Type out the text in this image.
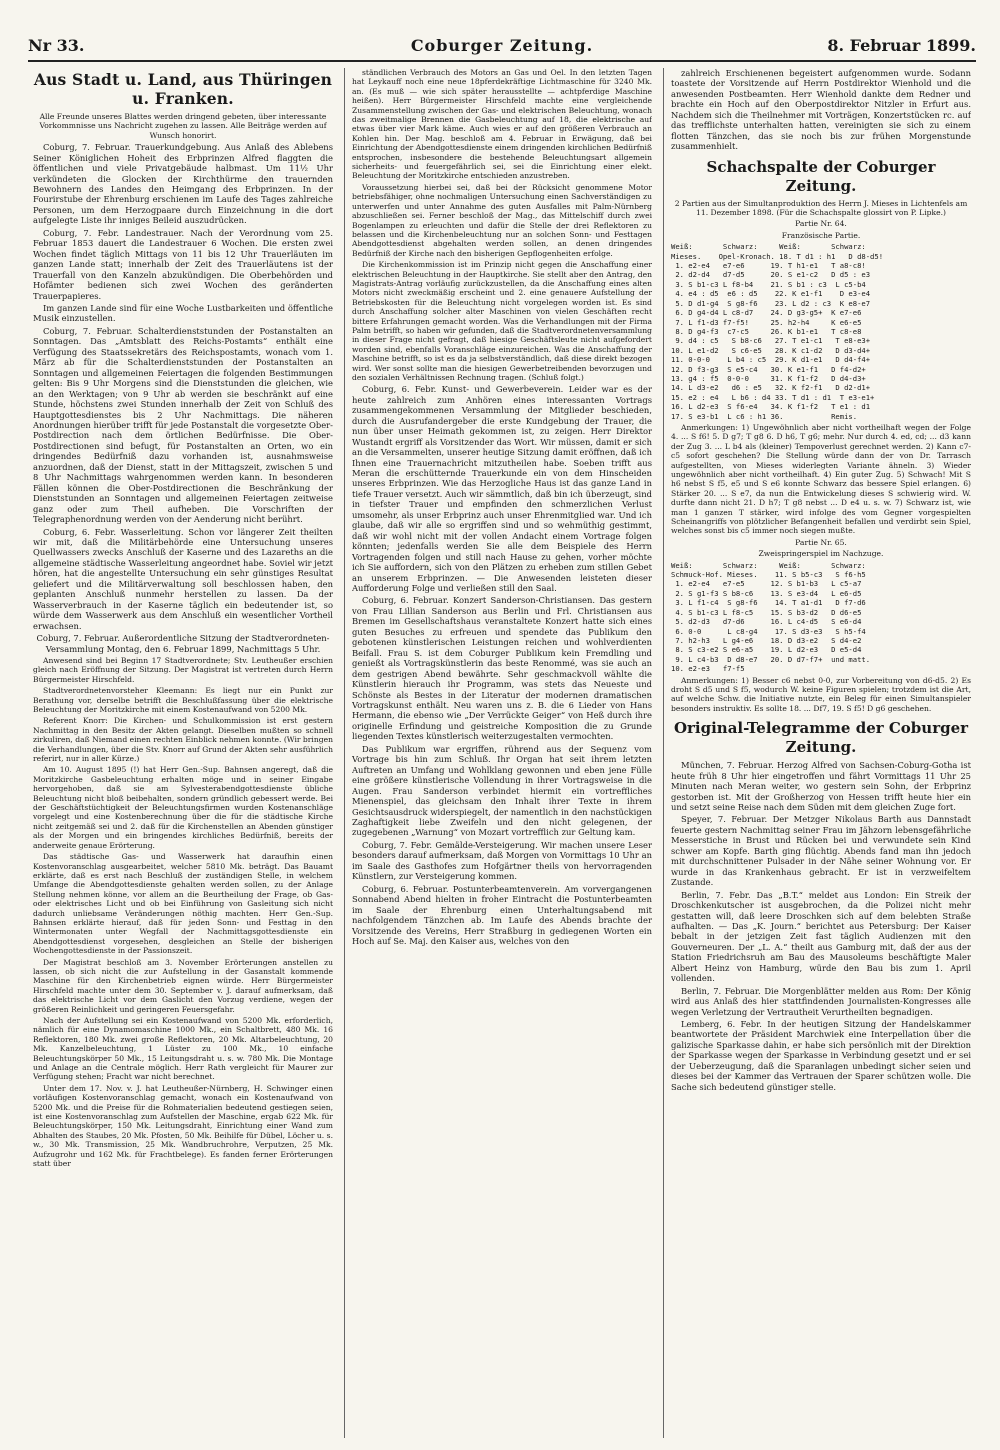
Nr 33.	Coburger Zeitung.	8. Februar 1899.
Aus Stadt u. Land, aus Thüringen u. Franken.

Alle Freunde unseres Blattes werden dringend gebeten, über interessante Vorkommnisse uns Nachricht zugehen zu lassen. Alle Beiträge werden auf Wunsch honorirt.

Coburg, 7. Februar. Trauerkundgebung. Aus Anlaß des Ablebens Seiner Königlichen Hoheit des Erbprinzen Alfred flaggten die öffentlichen und viele Privatgebäude halbmast. Um 11½ Uhr verkündeten die Glocken der Kirchthürme den trauernden Bewohnern des Landes den Heimgang des Erbprinzen. In der Fourirstube der Ehrenburg erschienen im Laufe des Tages zahlreiche Personen, um dem Herzogpaare durch Einzeichnung in die dort aufgelegte Liste ihr inniges Beileid auszudrücken.

Coburg, 7. Febr. Landestrauer. Nach der Verordnung vom 25. Februar 1853 dauert die Landestrauer 6 Wochen. Die ersten zwei Wochen findet täglich Mittags von 11 bis 12 Uhr Trauerläuten im ganzen Lande statt; innerhalb der Zeit des Trauerläutens ist der Trauerfall von den Kanzeln abzukündigen. Die Oberbehörden und Hofämter bedienen sich zwei Wochen des geränderten Trauerpapieres.

Im ganzen Lande sind für eine Woche Lustbarkeiten und öffentliche Musik einzustellen.

Coburg, 7. Februar. Schalterdienststunden der Postanstalten an Sonntagen. Das „Amtsblatt des Reichs-Postamts“ enthält eine Verfügung des Staatssekretärs des Reichspostamts, wonach vom 1. März ab für die Schalterdienststunden der Postanstalten an Sonntagen und allgemeinen Feiertagen die folgenden Bestimmungen gelten: Bis 9 Uhr Morgens sind die Dienststunden die gleichen, wie an den Werktagen; von 9 Uhr ab werden sie beschränkt auf eine Stunde, höchstens zwei Stunden innerhalb der Zeit von Schluß des Hauptgottesdienstes bis 2 Uhr Nachmittags. Die näheren Anordnungen hierüber trifft für jede Postanstalt die vorgesetzte Ober-Postdirection nach dem örtlichen Bedürfnisse. Die Ober-Postdirectionen sind befugt, für Postanstalten an Orten, wo ein dringendes Bedürfniß dazu vorhanden ist, ausnahmsweise anzuordnen, daß der Dienst, statt in der Mittagszeit, zwischen 5 und 8 Uhr Nachmittags wahrgenommen werden kann. In besonderen Fällen können die Ober-Postdirectionen die Beschränkung der Dienststunden an Sonntagen und allgemeinen Feiertagen zeitweise ganz oder zum Theil aufheben. Die Vorschriften der Telegraphenordnung werden von der Aenderung nicht berührt.

Coburg, 6. Febr. Wasserleitung. Schon vor längerer Zeit theilten wir mit, daß die Militärbehörde eine Untersuchung unseres Quellwassers zwecks Anschluß der Kaserne und des Lazareths an die allgemeine städtische Wasserleitung angeordnet habe. Soviel wir jetzt hören, hat die angestellte Untersuchung ein sehr günstiges Resultat geliefert und die Militärverwaltung soll beschlossen haben, den geplanten Anschluß nunmehr herstellen zu lassen. Da der Wasserverbrauch in der Kaserne täglich ein bedeutender ist, so würde dem Wasserwerk aus dem Anschluß ein wesentlicher Vortheil erwachsen.

Coburg, 7. Februar. Außerordentliche Sitzung der Stadtverordneten-Versammlung Montag, den 6. Februar 1899, Nachmittags 5 Uhr.

Anwesend sind bei Beginn 17 Stadtverordnete; Stv. Leutheußer erschien gleich nach Eröffnung der Sitzung. Der Magistrat ist vertreten durch Herrn Bürgermeister Hirschfeld.

Stadtverordnetenvorsteher Kleemann: Es liegt nur ein Punkt zur Berathung vor, derselbe betrifft die Beschlußfassung über die elektrische Beleuchtung der Moritzkirche mit einem Kostenaufwand von 5200 Mk.

Referent Knorr: Die Kirchen- und Schulkommission ist erst gestern Nachmittag in den Besitz der Akten gelangt. Dieselben mußten so schnell zirkuliren, daß Niemand einen rechten Einblick nehmen konnte. (Wir bringen die Verhandlungen, über die Stv. Knorr auf Grund der Akten sehr ausführlich referirt, nur in aller Kürze.)

Am 10. August 1895 (!) hat Herr Gen.-Sup. Bahnsen angeregt, daß die Moritzkirche Gasbeleuchtung erhalten möge und in seiner Eingabe hervorgehoben, daß sie am Sylvesterabendgottesdienste übliche Beleuchtung nicht bloß beibehalten, sondern gründlich gebessert werde. Bei der Geschäftstüchtigkeit der Beleuchtungsfirmen wurden Kostenanschläge vorgelegt und eine Kostenberechnung über die für die städtische Kirche nicht zeitgemäß sei und 2. daß für die Kirchenstellen an Abenden günstiger als der Morgen und ein bringendes kirchliches Bedürfniß, bereits der anderweite genaue Erörterung.

Das städtische Gas- und Wasserwerk hat daraufhin einen Kostenvoranschlag ausgearbeitet, welcher 5810 Mk. beträgt. Das Bauamt erklärte, daß es erst nach Beschluß der zuständigen Stelle, in welchem Umfange die Abendgottesdienste gehalten werden sollen, zu der Anlage Stellung nehmen könne, vor allem an die Beurtheilung der Frage, ob Gas- oder elektrisches Licht und ob bei Einführung von Gasleitung sich nicht dadurch unliebsame Veränderungen nöthig machten. Herr Gen.-Sup. Bahnsen erklärte hierauf, daß für jeden Sonn- und Festtag in den Wintermonaten unter Wegfall der Nachmittagsgottesdienste ein Abendgottesdienst vorgesehen, desgleichen an Stelle der bisherigen Wochengottesdienste in der Passionszeit.

Der Magistrat beschloß am 3. November Erörterungen anstellen zu lassen, ob sich nicht die zur Aufstellung in der Gasanstalt kommende Maschine für den Kirchenbetrieb eignen würde. Herr Bürgermeister Hirschfeld machte unter dem 30. September v. J. darauf aufmerksam, daß das elektrische Licht vor dem Gaslicht den Vorzug verdiene, wegen der größeren Reinlichkeit und geringeren Feuersgefahr.

Nach der Aufstellung sei ein Kostenaufwand von 5200 Mk. erforderlich, nämlich für eine Dynamomaschine 1000 Mk., ein Schaltbrett, 480 Mk. 16 Reflektoren, 180 Mk. zwei große Reflektoren, 20 Mk. Altarbeleuchtung, 20 Mk. Kanzelbeleuchtung, 1 Lüster zu 100 Mk., 10 einfache Beleuchtungskörper 50 Mk., 15 Leitungsdraht u. s. w. 780 Mk. Die Montage und Anlage an die Centrale möglich. Herr Rath vergleicht für Maurer zur Verfügung stehen; Fracht war nicht berechnet.

Unter dem 17. Nov. v. J. hat Leutheußer-Nürnberg, H. Schwinger einen vorläufigen Kostenvoranschlag gemacht, wonach ein Kostenaufwand von 5200 Mk. und die Preise für die Rohmaterialien bedeutend gestiegen seien, ist eine Kostenvoranschlag zum Aufstellen der Maschine, ergab 622 Mk. für Beleuchtungskörper, 150 Mk. Leitungsdraht, Einrichtung einer Wand zum Abhalten des Staubes, 20 Mk. Pfosten, 50 Mk. Beihilfe für Dübel, Löcher u. s. w., 30 Mk. Transmission, 25 Mk. Wandbruchrohre, Verputzen, 25 Mk. Aufzugrohr und 162 Mk. für Frachtbelege). Es fanden ferner Erörterungen statt über

ständlichen Verbrauch des Motors an Gas und Oel. In den letzten Tagen hat Leykauff noch eine neue 18pferdekräftige Lichtmaschine für 3240 Mk. an. (Es muß — wie sich später herausstellte — achtpferdige Maschine heißen). Herr Bürgermeister Hirschfeld machte eine vergleichende Zusammenstellung zwischen der Gas- und elektrischen Beleuchtung, wonach das zweitmalige Brennen die Gasbeleuchtung auf 18, die elektrische auf etwas über vier Mark käme. Auch wies er auf den größeren Verbrauch an Kohlen hin. Der Mag. beschloß am 4. Februar in Erwägung, daß bei Einrichtung der Abendgottesdienste einem dringenden kirchlichen Bedürfniß entsprochen, insbesondere die bestehende Beleuchtungsart allgemein sicherheits- und feuergefährlich sei, sei die Einrichtung einer elekt. Beleuchtung der Moritzkirche entschieden anzustreben.

Voraussetzung hierbei sei, daß bei der Rücksicht genommene Motor betriebsfähiger, ohne nochmaligen Untersuchung einen Sachverständigen zu unterwerfen und unter Annahme des guten Ausfalles mit Palm-Nürnberg abzuschließen sei. Ferner beschloß der Mag., das Mittelschiff durch zwei Bogenlampen zu erleuchten und dafür die Stelle der drei Reflektoren zu belassen und die Kirchenbeleuchtung nur an solchen Sonn- und Festtagen Abendgottesdienst abgehalten werden sollen, an denen dringendes Bedürfniß der Kirche nach den bisherigen Gepflogenheiten erfolge.

Die Kirchenkommission ist im Prinzip nicht gegen die Anschaffung einer elektrischen Beleuchtung in der Hauptkirche. Sie stellt aber den Antrag, den Magistrats-Antrag vorläufig zurückzustellen, da die Anschaffung eines alten Motors nicht zweckmäßig erscheint und 2. eine genauere Aufstellung der Betriebskosten für die Beleuchtung nicht vorgelegen worden ist. Es sind durch Anschaffung solcher alter Maschinen von vielen Geschäften recht bittere Erfahrungen gemacht worden. Was die Verhandlungen mit der Firma Palm betrifft, so haben wir gefunden, daß die Stadtverordnetenversammlung in dieser Frage nicht gefragt, daß hiesige Geschäftsleute nicht aufgefordert worden sind, ebenfalls Voranschläge einzureichen. Was die Anschaffung der Maschine betrifft, so ist es da ja selbstverständlich, daß diese direkt bezogen wird. Wer sonst sollte man die hiesigen Gewerbetreibenden bevorzugen und den sozialen Verhältnissen Rechnung tragen. (Schluß folgt.)

Coburg, 6. Febr. Kunst- und Gewerbeverein. Leider war es der heute zahlreich zum Anhören eines interessanten Vortrags zusammengekommenen Versammlung der Mitglieder beschieden, durch die Ausrufandergeber die erste Kundgebung der Trauer, die nun über unser Heimath gekommen ist, zu zeigen. Herr Direktor Wustandt ergriff als Vorsitzender das Wort. Wir müssen, damit er sich an die Versammelten, unserer heutige Sitzung damit eröffnen, daß ich Ihnen eine Trauernachricht mitzutheilen habe. Soeben trifft aus Meran die erschütternde Trauerkunde ein von dem Hinscheiden unseres Erbprinzen. Wie das Herzogliche Haus ist das ganze Land in tiefe Trauer versetzt. Auch wir sämmtlich, daß bin ich überzeugt, sind in tiefster Trauer und empfinden den schmerzlichen Verlust umsomehr, als unser Erbprinz auch unser Ehrenmitglied war. Und ich glaube, daß wir alle so ergriffen sind und so wehmüthig gestimmt, daß wir wohl nicht mit der vollen Andacht einem Vortrage folgen könnten; jedenfalls werden Sie alle dem Beispiele des Herrn Vortragenden folgen und still nach Hause zu gehen, vorher möchte ich Sie auffordern, sich von den Plätzen zu erheben zum stillen Gebet an unserem Erbprinzen. — Die Anwesenden leisteten dieser Aufforderung Folge und verließen still den Saal.

Coburg, 6. Februar. Konzert Sanderson-Christiansen. Das gestern von Frau Lillian Sanderson aus Berlin und Frl. Christiansen aus Bremen im Gesellschaftshaus veranstaltete Konzert hatte sich eines guten Besuches zu erfreuen und spendete das Publikum den gebotenen künstlerischen Leistungen reichen und wohlverdienten Beifall. Frau S. ist dem Coburger Publikum kein Fremdling und genießt als Vortragskünstlerin das beste Renommé, was sie auch an dem gestrigen Abend bewährte. Sehr geschmackvoll wählte die Künstlerin hierauch ihr Programm, was stets das Neueste und Schönste als Bestes in der Literatur der modernen dramatischen Vortragskunst enthält. Neu waren uns z. B. die 6 Lieder von Hans Hermann, die ebenso wie „Der Verrückte Geiger“ von Heß durch ihre originelle Erfindung und geistreiche Komposition die zu Grunde liegenden Textes künstlerisch weiterzugestalten vermochten.

Das Publikum war ergriffen, rührend aus der Sequenz vom Vortrage bis hin zum Schluß. Ihr Organ hat seit ihrem letzten Auftreten an Umfang und Wohlklang gewonnen und eben jene Fülle eine größere künstlerische Vollendung in ihrer Vortragsweise in die Augen. Frau Sanderson verbindet hiermit ein vortreffliches Mienenspiel, das gleichsam den Inhalt ihrer Texte in ihrem Gesichtsausdruck widerspiegelt, der namentlich in den nachstückigen Zaghaftigkeit liebe Zweifeln und den nicht gelegenen, der zugegebenen „Warnung“ von Mozart vortrefflich zur Geltung kam.

Coburg, 7. Febr. Gemälde-Versteigerung. Wir machen unsere Leser besonders darauf aufmerksam, daß Morgen von Vormittags 10 Uhr an im Saale des Gasthofes zum Hofgärtner theils von hervorragenden Künstlern, zur Versteigerung kommen.

Coburg, 6. Februar. Postunterbeamtenverein. Am vorvergangenen Sonnabend Abend hielten in froher Eintracht die Postunterbeamten im Saale der Ehrenburg einen Unterhaltungsabend mit nachfolgendem Tänzchen ab. Im Laufe des Abends brachte der Vorsitzende des Vereins, Herr Straßburg in gediegenen Worten ein Hoch auf Se. Maj. den Kaiser aus, welches von den

zahlreich Erschienenen begeistert aufgenommen wurde. Sodann toastete der Vorsitzende auf Herrn Postdirektor Wienhold und die anwesenden Postbeamten. Herr Wienhold dankte dem Redner und brachte ein Hoch auf den Oberpostdirektor Nitzler in Erfurt aus. Nachdem sich die Theilnehmer mit Vorträgen, Konzertstücken rc. auf das trefflichste unterhalten hatten, vereinigten sie sich zu einem flotten Tänzchen, das sie noch bis zur frühen Morgenstunde zusammenhielt.

Schachspalte der Coburger Zeitung.

2 Partien aus der Simultanproduktion des Herrn J. Mieses in Lichtenfels am 11. Dezember 1898. (Für die Schachspalte glossirt von P. Lipke.)

Partie Nr. 64.

Französische Partie.

Weiß:       Schwarz:     Weiß:       Schwarz:
Mieses.    Opel-Kronach. 18. T d1 : h1   D d8-d5!
1. e2-e4   e7-e6      19. T h1-e1   T a8-c8!
2. d2-d4   d7-d5      20. S e1-c2   D d5 : e3
3. S b1-c3 L f8-b4    21. S b1 : c3  L c5-b4
4. e4 : d5  e6 : d5    22. K e1-f1    D e3-e4
5. D d1-g4  S g8-f6    23. L d2 : c3  K e8-e7
6. D g4-d4 L c8-d7    24. D g3-g5+  K e7-e6
7. L f1-d3 f7-f5!     25. h2-h4     K e6-e5
8. D g4-f3  c7-c5     26. K b1-e1   T c8-e8
9. d4 : c5   S b8-c6   27. T e1-c1   T e8-e3+
10. L e1-d2   S c6-e5   28. K c1-d2   D d3-d4+
11. 0-0-0    L b4 : c5  29. K d1-e1   D d4-f4+
12. D f3-g3  S e5-c4   30. K e1-f1   D f4-d2+
13. g4 : f5  0-0-0     31. K f1-f2   D d4-d3+
14. L d3-e2   d6 : e5   32. K f2-f1   D d2-d1+
15. e2 : e4   L b6 : d4 33. T d1 : d1  T e3-e1+
16. L d2-e3  S f6-e4   34. K f1-f2   T e1 : d1
17. S e3-b1  L c6 : h1 36.           Remis.

Anmerkungen: 1) Ungewöhnlich aber nicht vortheilhaft wegen der Folge 4. ... S f6! 5. D g7; T g8 6. D h6, T g6; mehr. Nur durch 4. ed, cd; ... d3 kann der Zug 3. ... L b4 als (kleiner) Tempoverlust gerechnet werden. 2) Kann c7-c5 sofort geschehen? Die Stellung würde dann der von Dr. Tarrasch aufgestellten, von Mieses widerlegten Variante ähneln. 3) Wieder ungewöhnlich aber nicht vortheilhaft. 4) Ein guter Zug. 5) Schwach! Mit S h6 nebst S f5, e5 und S e6 konnte Schwarz das bessere Spiel erlangen. 6) Stärker 20. ... S e7, da nun die Entwickelung dieses S schwierig wird. W. durfte dann nicht 21. D h7; T g8 nebst ... D e4 u. s. w. 7) Schwarz ist, wie man 1 ganzen T stärker, wird infolge des vom Gegner vorgespielten Scheinangriffs von plötzlicher Befangenheit befallen und verdirbt sein Spiel, welches sonst bis c5 immer noch siegen mußte.

Partie Nr. 65.

Zweispringerspiel im Nachzuge.

Weiß:       Schwarz:     Weiß:       Schwarz:
Schmuck-Hof. Mieses.    11. S b5-c3   S f6-h5
1. e2-e4   e7-e5      12. S b1-b3   L c5-a7
2. S g1-f3 S b8-c6    13. S e3-d4   L e6-d5
3. L f1-c4  S g8-f6    14. T a1-d1   D f7-d6
4. S b1-c3 L f8-c5    15. S b3-d2   D d6-e5
5. d2-d3   d7-d6      16. L c4-d5   S e6-d4
6. 0-0      L c8-g4    17. S d3-e3   S h5-f4
7. h2-h3   L g4-e6    18. D d3-e2   S d4-e2
8. S c3-e2 S e6-a5    19. L d2-e3   D e5-d4
9. L c4-b3  D d8-e7   20. D d7-f7+  und matt.
10. e2-e3   f7-f5

Anmerkungen: 1) Besser c6 nebst 0-0, zur Vorbereitung von d6-d5. 2) Es droht S d5 und S f5, wodurch W. keine Figuren spielen; trotzdem ist die Art, auf welche Schw. die Initiative nutzte, ein Beleg für einen Simultanspieler besonders instruktiv. Es sollte 18. ... Df7, 19. S f5! D g6 geschehen.

Original-Telegramme der Coburger Zeitung.

München, 7. Februar. Herzog Alfred von Sachsen-Coburg-Gotha ist heute früh 8 Uhr hier eingetroffen und fährt Vormittags 11 Uhr 25 Minuten nach Meran weiter, wo gestern sein Sohn, der Erbprinz gestorben ist. Mit der Großherzog von Hessen trifft heute hier ein und setzt seine Reise nach dem Süden mit dem gleichen Zuge fort.

Speyer, 7. Februar. Der Metzger Nikolaus Barth aus Dannstadt feuerte gestern Nachmittag seiner Frau im Jähzorn lebensgefährliche Messerstiche in Brust und Rücken bei und verwundete sein Kind schwer am Kopfe. Barth ging flüchtig. Abends fand man ihn jedoch mit durchschnittener Pulsader in der Nähe seiner Wohnung vor. Er wurde in das Krankenhaus gebracht. Er ist in verzweifeltem Zustande.

Berlin, 7. Febr. Das „B.T.“ meldet aus London: Ein Streik der Droschkenkutscher ist ausgebrochen, da die Polizei nicht mehr gestatten will, daß leere Droschken sich auf dem belebten Straße aufhalten. — Das „K. Journ.“ berichtet aus Petersburg: Der Kaiser bebalt in der jetzigen Zeit fast täglich Audienzen mit den Gouverneuren. Der „L. A.“ theilt aus Gamburg mit, daß der aus der Station Friedrichsruh am Bau des Mausoleums beschäftigte Maler Albert Heinz von Hamburg, würde den Bau bis zum 1. April vollenden.

Berlin, 7. Februar. Die Morgenblätter melden aus Rom: Der König wird aus Anlaß des hier stattfindenden Journalisten-Kongresses alle wegen Verletzung der Vertrautheit Verurtheilten begnadigen.

Lemberg, 6. Febr. In der heutigen Sitzung der Handelskammer beantwortete der Präsident Marchwiek eine Interpellation über die galizische Sparkasse dahin, er habe sich persönlich mit der Direktion der Sparkasse wegen der Sparkasse in Verbindung gesetzt und er sei der Ueberzeugung, daß die Sparanlagen unbedingt sicher seien und dieses bei der Kammer das Vertrauen der Sparer schützen wolle. Die Sache sich bedeutend günstiger stelle.
